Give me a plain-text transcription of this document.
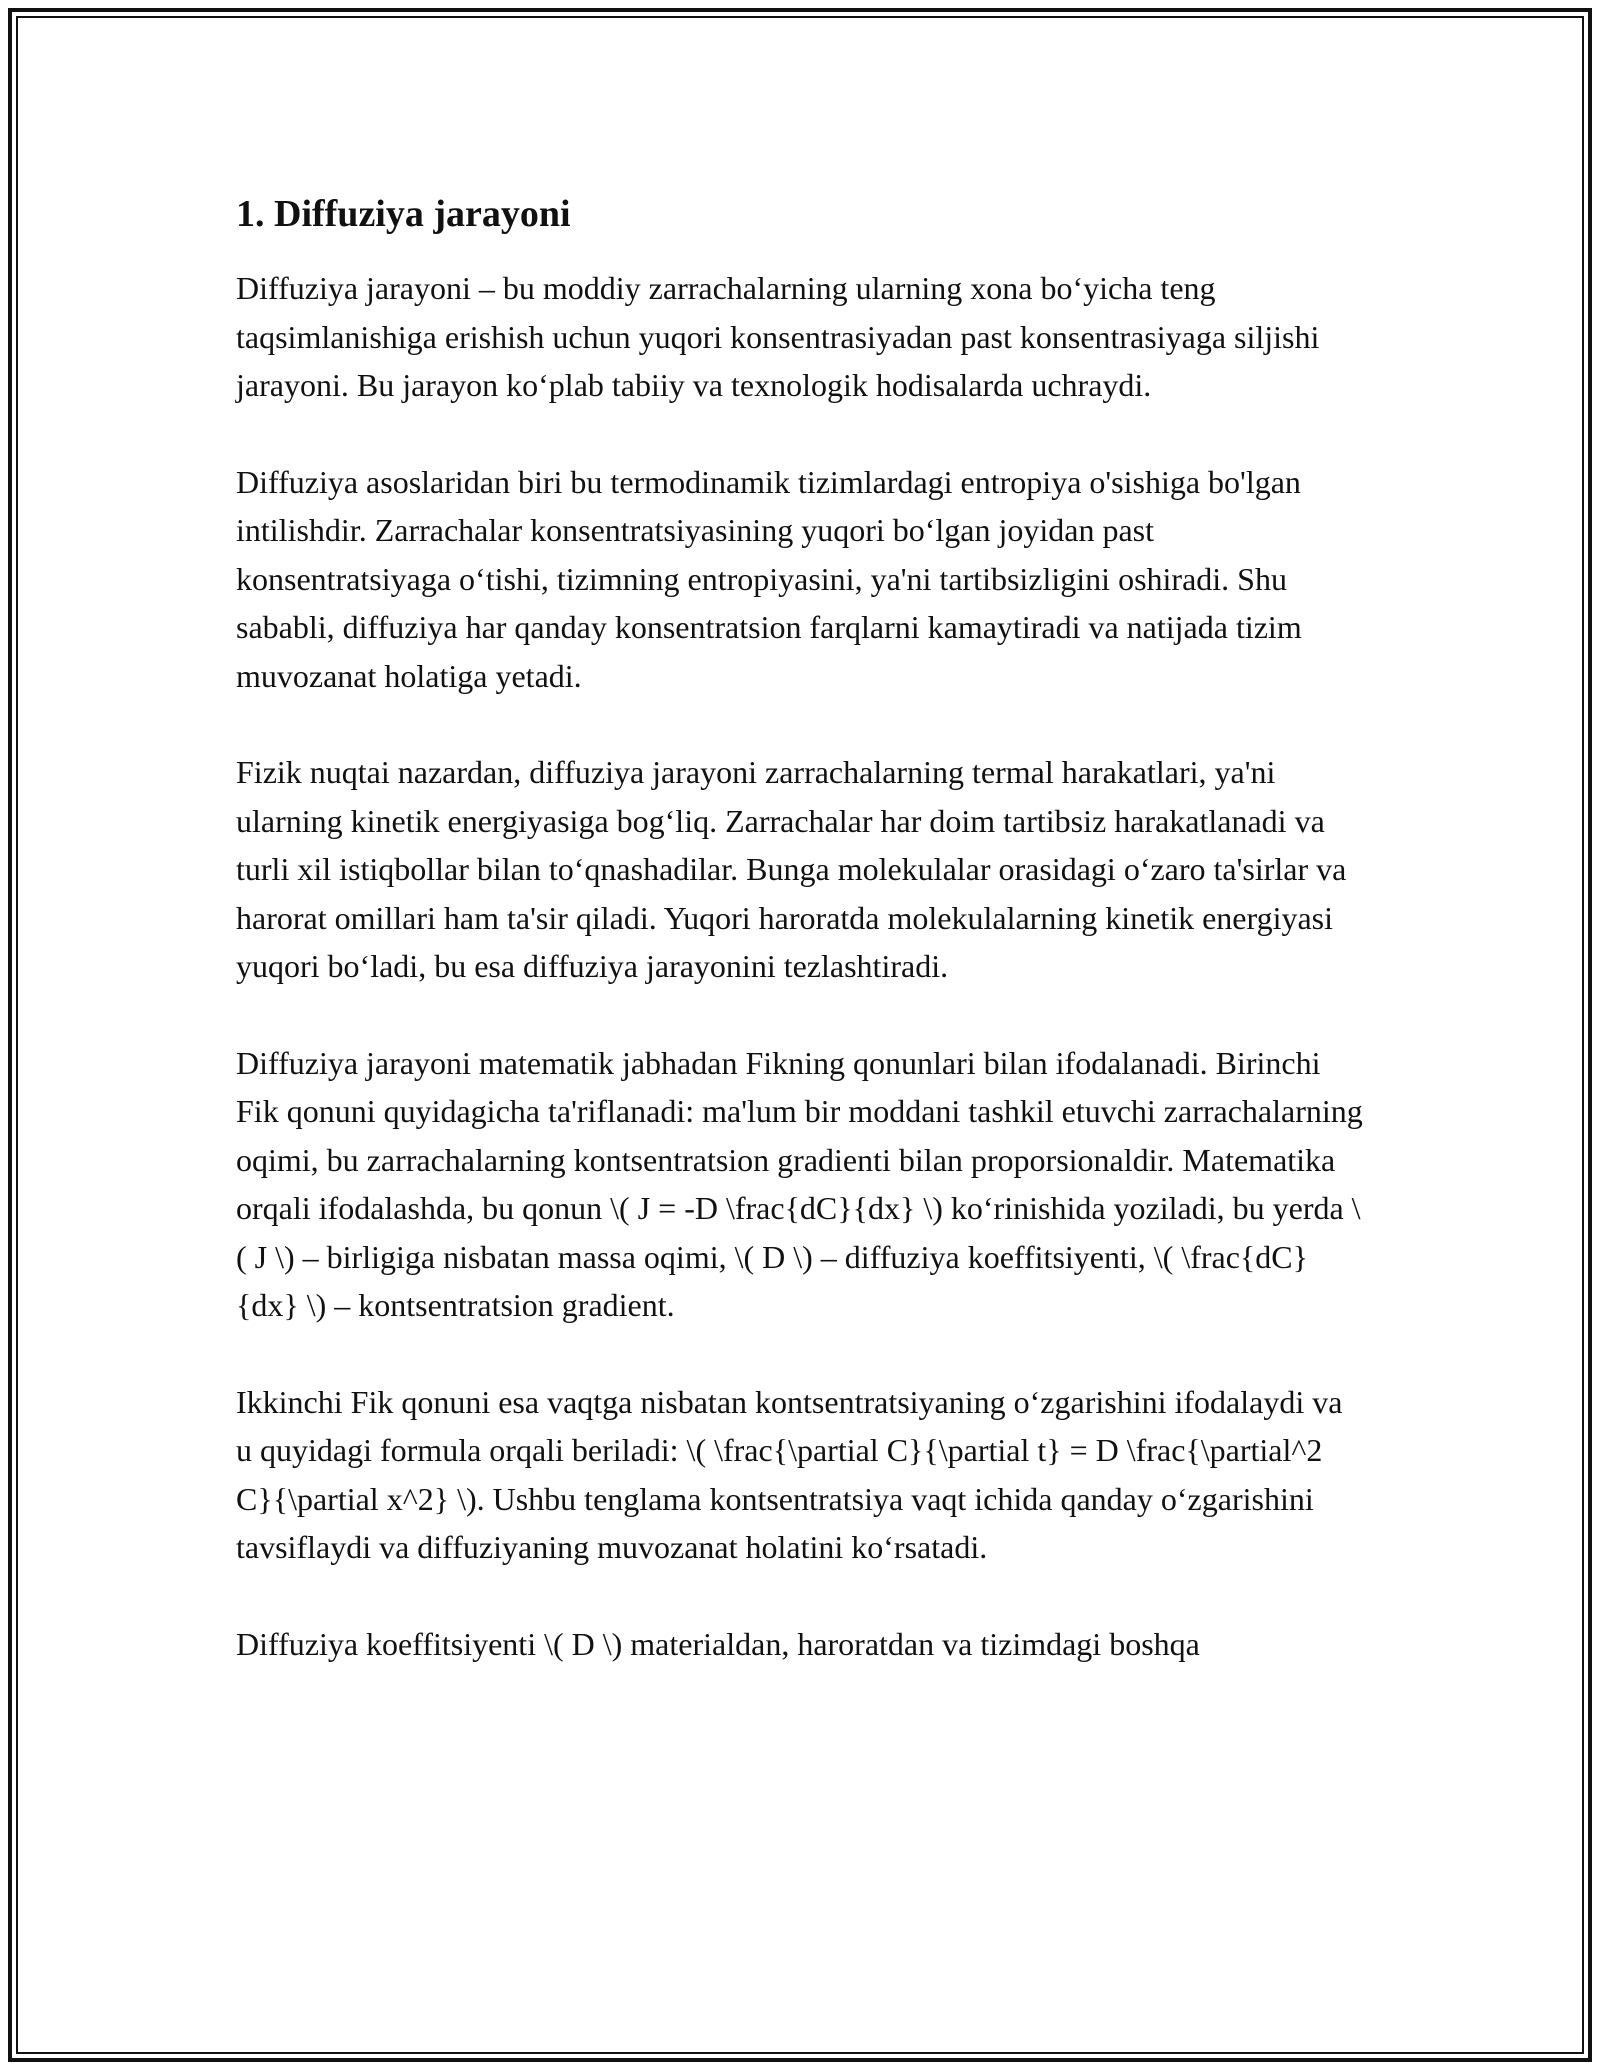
1. Diffuziya jarayoni

Diffuziya jarayoni – bu moddiy zarrachalarning ularning xona bo‘yicha teng taqsimlanishiga erishish uchun yuqori konsentrasiyadan past konsentrasiyaga siljishi jarayoni. Bu jarayon ko‘plab tabiiy va texnologik hodisalarda uchraydi.

Diffuziya asoslaridan biri bu termodinamik tizimlardagi entropiya o'sishiga bo'lgan intilishdir. Zarrachalar konsentratsiyasining yuqori bo‘lgan joyidan past konsentratsiyaga o‘tishi, tizimning entropiyasini, ya'ni tartibsizligini oshiradi. Shu sababli, diffuziya har qanday konsentratsion farqlarni kamaytiradi va natijada tizim muvozanat holatiga yetadi.

Fizik nuqtai nazardan, diffuziya jarayoni zarrachalarning termal harakatlari, ya'ni ularning kinetik energiyasiga bog‘liq. Zarrachalar har doim tartibsiz harakatlanadi va turli xil istiqbollar bilan to‘qnashadilar. Bunga molekulalar orasidagi o‘zaro ta'sirlar va harorat omillari ham ta'sir qiladi. Yuqori haroratda molekulalarning kinetik energiyasi yuqori bo‘ladi, bu esa diffuziya jarayonini tezlashtiradi.

Diffuziya jarayoni matematik jabhadan Fikning qonunlari bilan ifodalanadi. Birinchi Fik qonuni quyidagicha ta'riflanadi: ma'lum bir moddani tashkil etuvchi zarrachalarning oqimi, bu zarrachalarning kontsentratsion gradienti bilan proporsionaldir. Matematika orqali ifodalashda, bu qonun \( J = -D \frac{dC}{dx} \) ko‘rinishida yoziladi, bu yerda \( J \) – birligiga nisbatan massa oqimi, \( D \) – diffuziya koeffitsiyenti, \( \frac{dC}{dx} \) – kontsentratsion gradient.

Ikkinchi Fik qonuni esa vaqtga nisbatan kontsentratsiyaning o‘zgarishini ifodalaydi va u quyidagi formula orqali beriladi: \( \frac{\partial C}{\partial t} = D \frac{\partial^2 C}{\partial x^2} \). Ushbu tenglama kontsentratsiya vaqt ichida qanday o‘zgarishini tavsiflaydi va diffuziyaning muvozanat holatini ko‘rsatadi.

Diffuziya koeffitsiyenti \( D \) materialdan, haroratdan va tizimdagi boshqa
